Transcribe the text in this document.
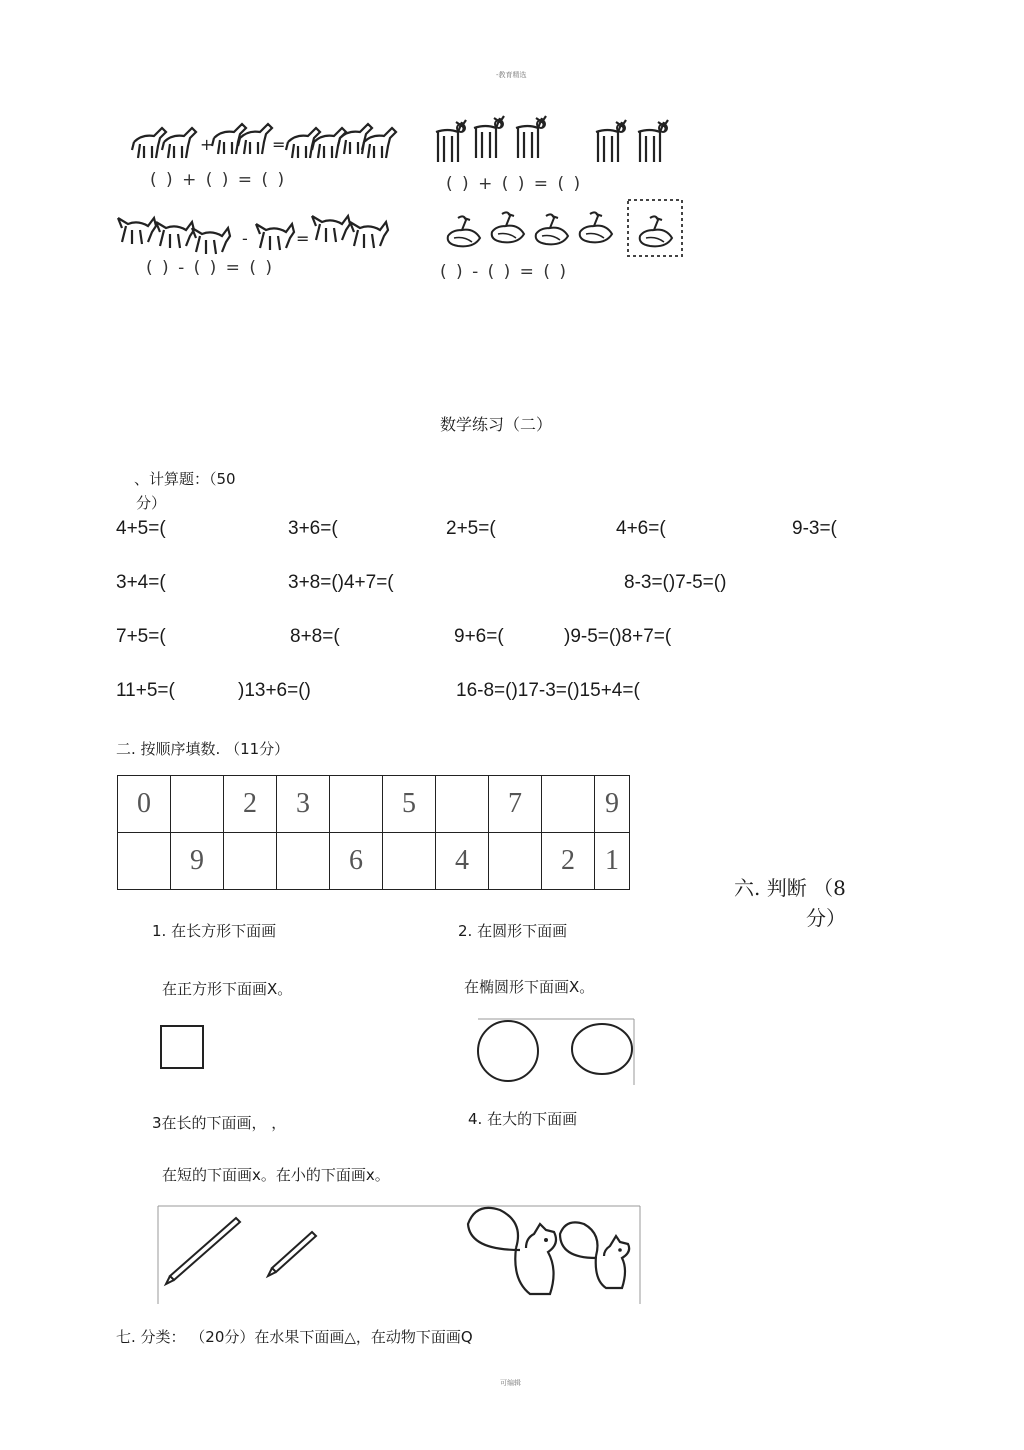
-教育精选
可编辑
+	=
-	=
( ) + ( ) = ( )	( ) + ( ) = ( )
( ) - ( ) = ( )	( ) - ( ) = ( )
数学练习（二）
、计算题：（50
分）
4+5=(	3+6=(	2+5=(	4+6=(	9-3=(
3+4=(	3+8=()4+7=(	8-3=()7-5=()
7+5=(	8+8=(	9+6=(	)9-5=()8+7=(
11+5=(	)13+6=()	16-8=()17-3=()15+4=(
二. 按顺序填数. （11分）
0		2	3		5		7		9
	9			6		4		2	1
六. 判断 （8
分）
1. 在长方形下面画
在正方形下面画X。
2. 在圆形下面画
在椭圆形下面画X。
3在长的下面画， ，	4. 在大的下面画
在短的下面画x。在小的下面画x。
七. 分类： （20分）在水果下面画△，在动物下面画Q
